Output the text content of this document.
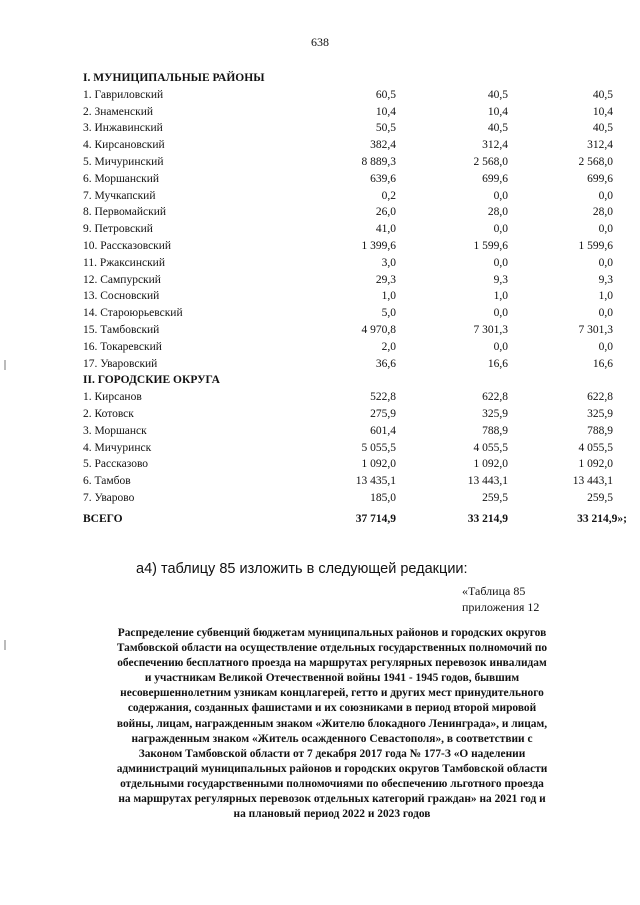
638
I. МУНИЦИПАЛЬНЫЕ РАЙОНЫ
1. Гавриловский	60,5	40,5	40,5
2. Знаменский	10,4	10,4	10,4
3. Инжавинский	50,5	40,5	40,5
4. Кирсановский	382,4	312,4	312,4
5. Мичуринский	8 889,3	2 568,0	2 568,0
6. Моршанский	639,6	699,6	699,6
7. Мучкапский	0,2	0,0	0,0
8. Первомайский	26,0	28,0	28,0
9. Петровский	41,0	0,0	0,0
10. Рассказовский	1 399,6	1 599,6	1 599,6
11. Ржаксинский	3,0	0,0	0,0
12. Сампурский	29,3	9,3	9,3
13. Сосновский	1,0	1,0	1,0
14. Староюрьевский	5,0	0,0	0,0
15. Тамбовский	4 970,8	7 301,3	7 301,3
16. Токаревский	2,0	0,0	0,0
17. Уваровский	36,6	16,6	16,6
II. ГОРОДСКИЕ ОКРУГА
1. Кирсанов	522,8	622,8	622,8
2. Котовск	275,9	325,9	325,9
3. Моршанск	601,4	788,9	788,9
4. Мичуринск	5 055,5	4 055,5	4 055,5
5. Рассказово	1 092,0	1 092,0	1 092,0
6. Тамбов	13 435,1	13 443,1	13 443,1
7. Уварово	185,0	259,5	259,5
ВСЕГО	37 714,9	33 214,9	33 214,9»;
а4) таблицу 85 изложить в следующей редакции:
«Таблица 85
приложения 12
Распределение субвенций бюджетам муниципальных районов и городских округов
Тамбовской области на осуществление отдельных государственных полномочий по
обеспечению бесплатного проезда на маршрутах регулярных перевозок инвалидам
и участникам Великой Отечественной войны 1941 - 1945 годов, бывшим
несовершеннолетним узникам концлагерей, гетто и других мест принудительного
содержания, созданных фашистами и их союзниками в период второй мировой
войны, лицам, награжденным знаком «Жителю блокадного Ленинграда», и лицам,
награжденным знаком «Житель осажденного Севастополя», в соответствии с
Законом Тамбовской области от 7 декабря 2017 года № 177-З «О наделении
администраций муниципальных районов и городских округов Тамбовской области
отдельными государственными полномочиями по обеспечению льготного проезда
на маршрутах регулярных перевозок отдельных категорий граждан» на 2021 год и
на плановый период 2022 и 2023 годов
